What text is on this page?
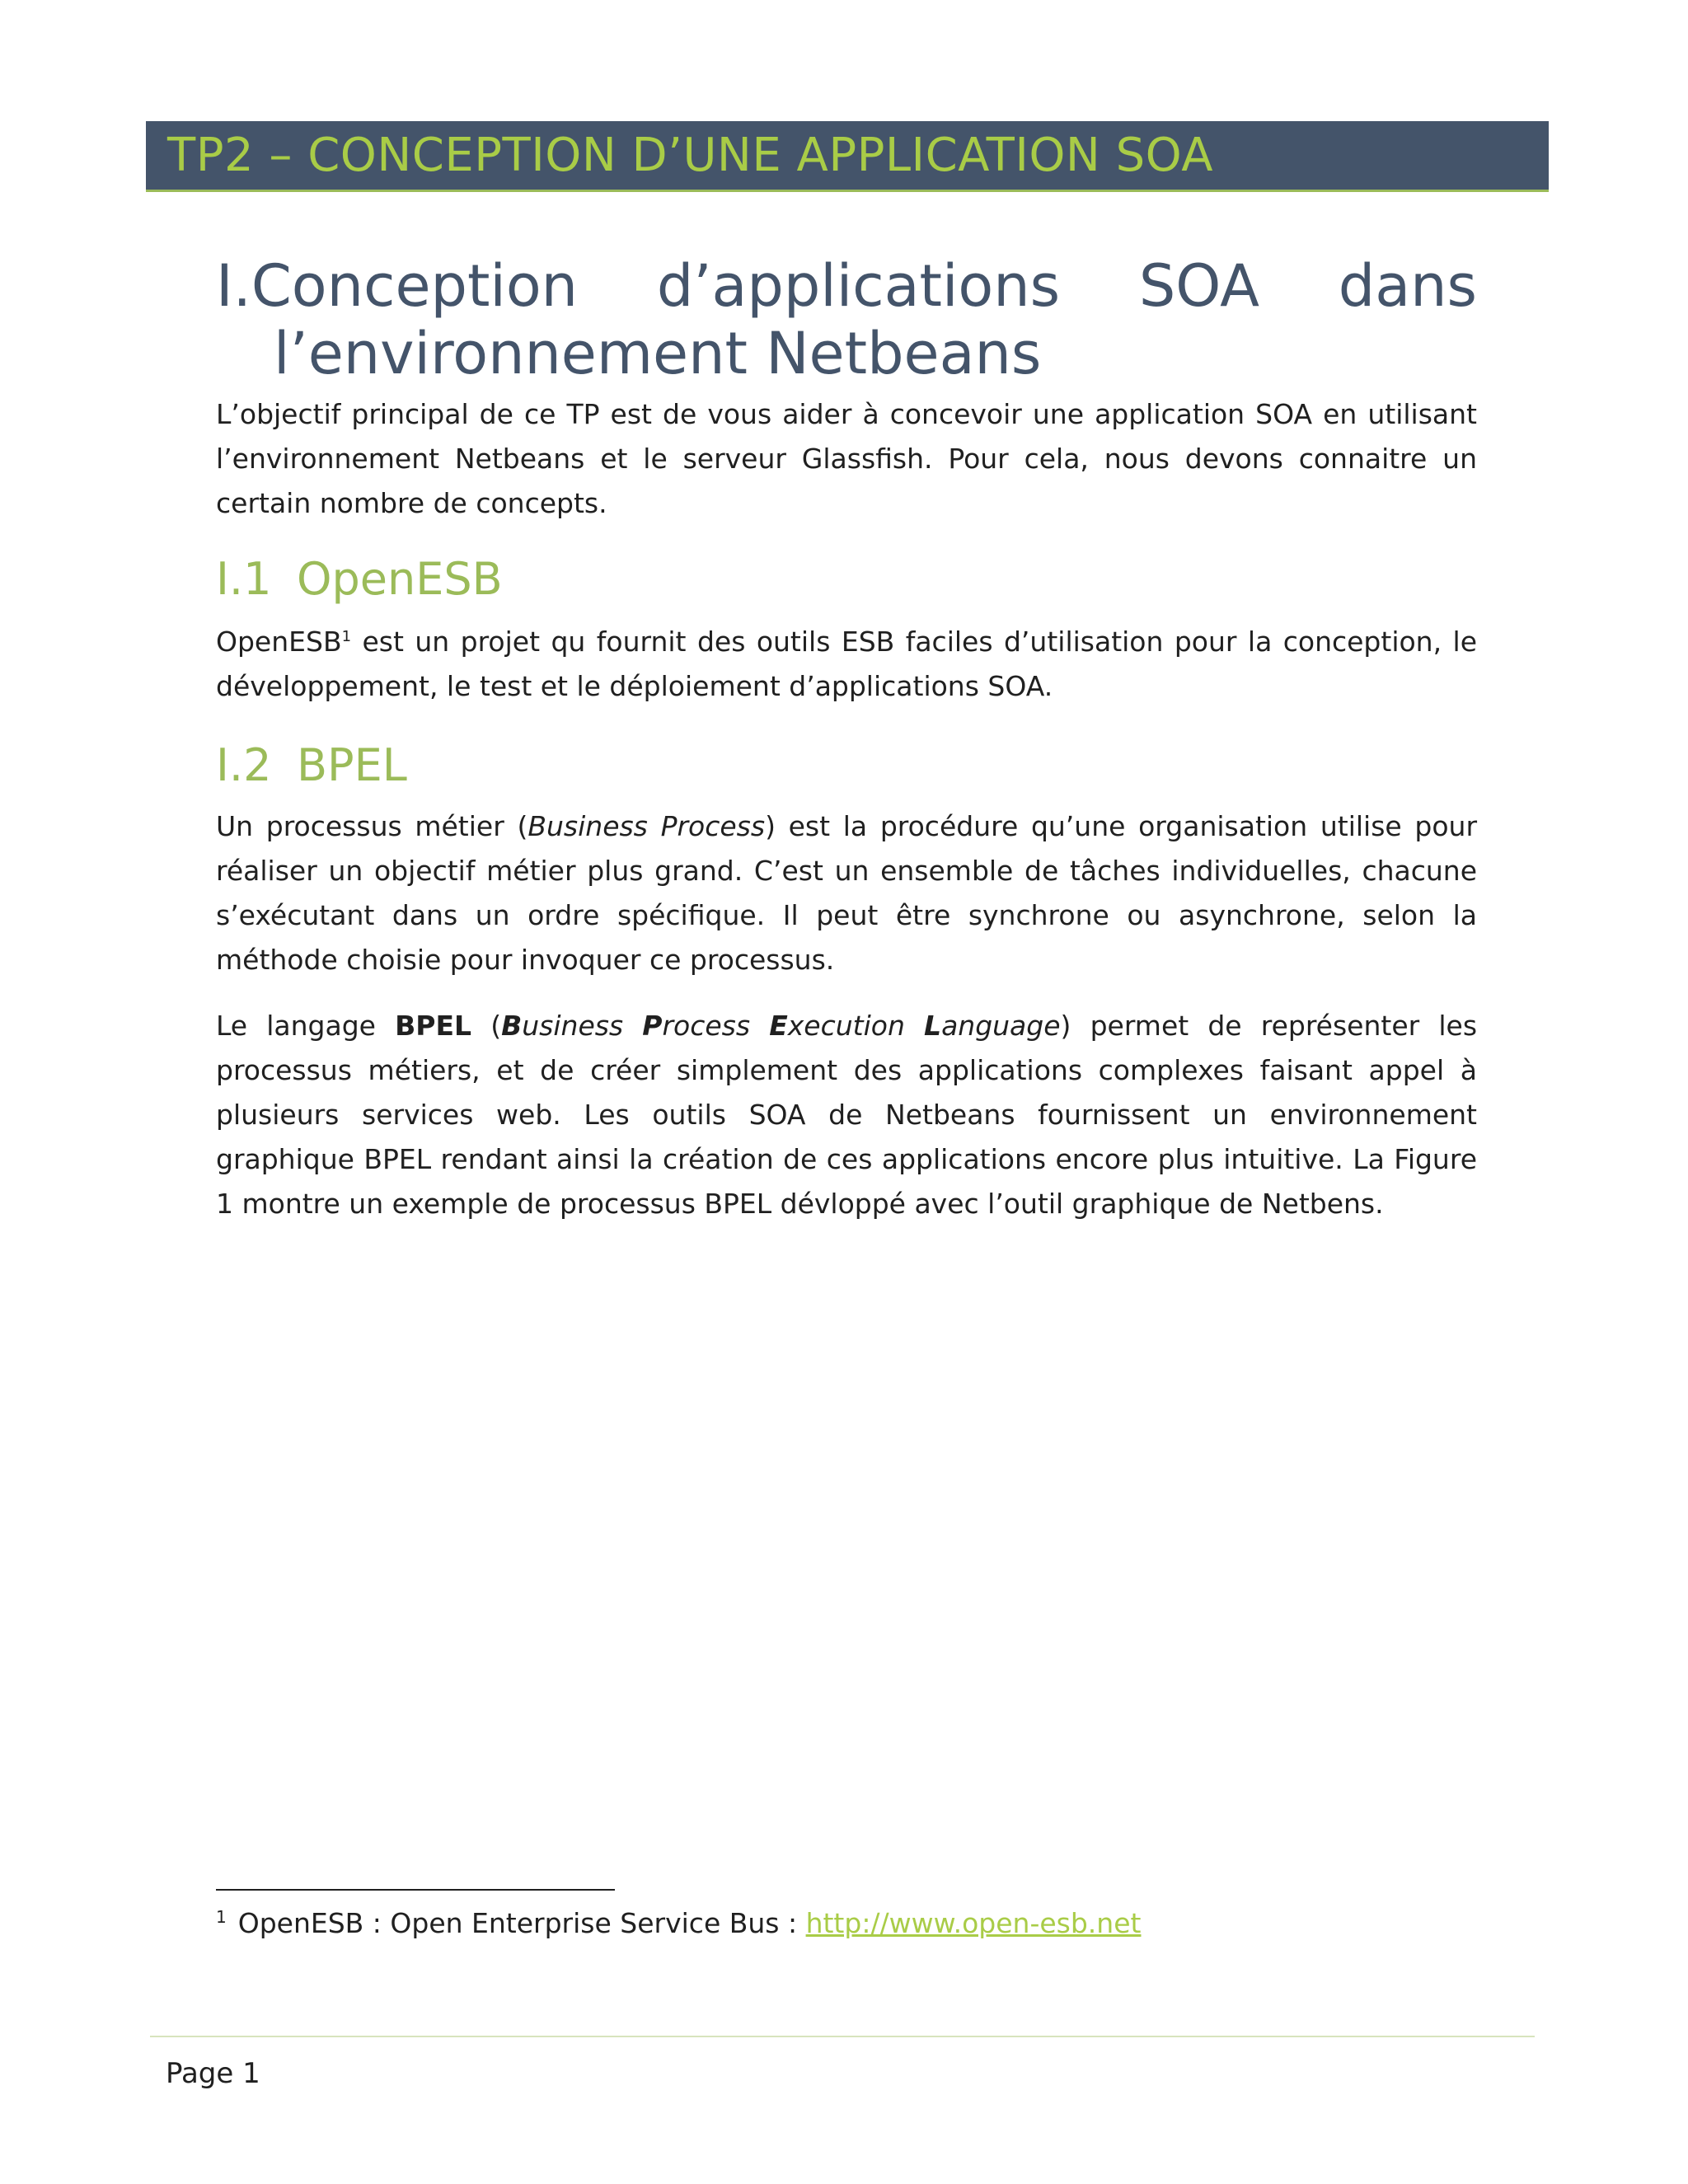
TP2 – CONCEPTION D’UNE APPLICATION SOA
I.Conception d’applications SOA dans
l’environnement Netbeans

L’objectif principal de ce TP est de vous aider à concevoir une application SOA en utilisant l’environnement Netbeans et le serveur Glassfish. Pour cela, nous devons connaitre un certain nombre de concepts.

I.1 OpenESB

OpenESB$^1$ est un projet qu fournit des outils ESB faciles d’utilisation pour la conception, le développement, le test et le déploiement d’applications SOA.

I.2 BPEL

Un processus métier (Business Process) est la procédure qu’une organisation utilise pour réaliser un objectif métier plus grand. C’est un ensemble de tâches individuelles, chacune s’exécutant dans un ordre spécifique. Il peut être synchrone ou asynchrone, selon la méthode choisie pour invoquer ce processus.

Le langage BPEL (Business Process Execution Language) permet de représenter les processus métiers, et de créer simplement des applications complexes faisant appel à plusieurs services web. Les outils SOA de Netbeans fournissent un environnement graphique BPEL rendant ainsi la création de ces applications encore plus intuitive. La Figure 1 montre un exemple de processus BPEL dévloppé avec l’outil graphique de Netbens.

$^1$ OpenESB : Open Enterprise Service Bus : http://www.open-esb.net
Page 1
